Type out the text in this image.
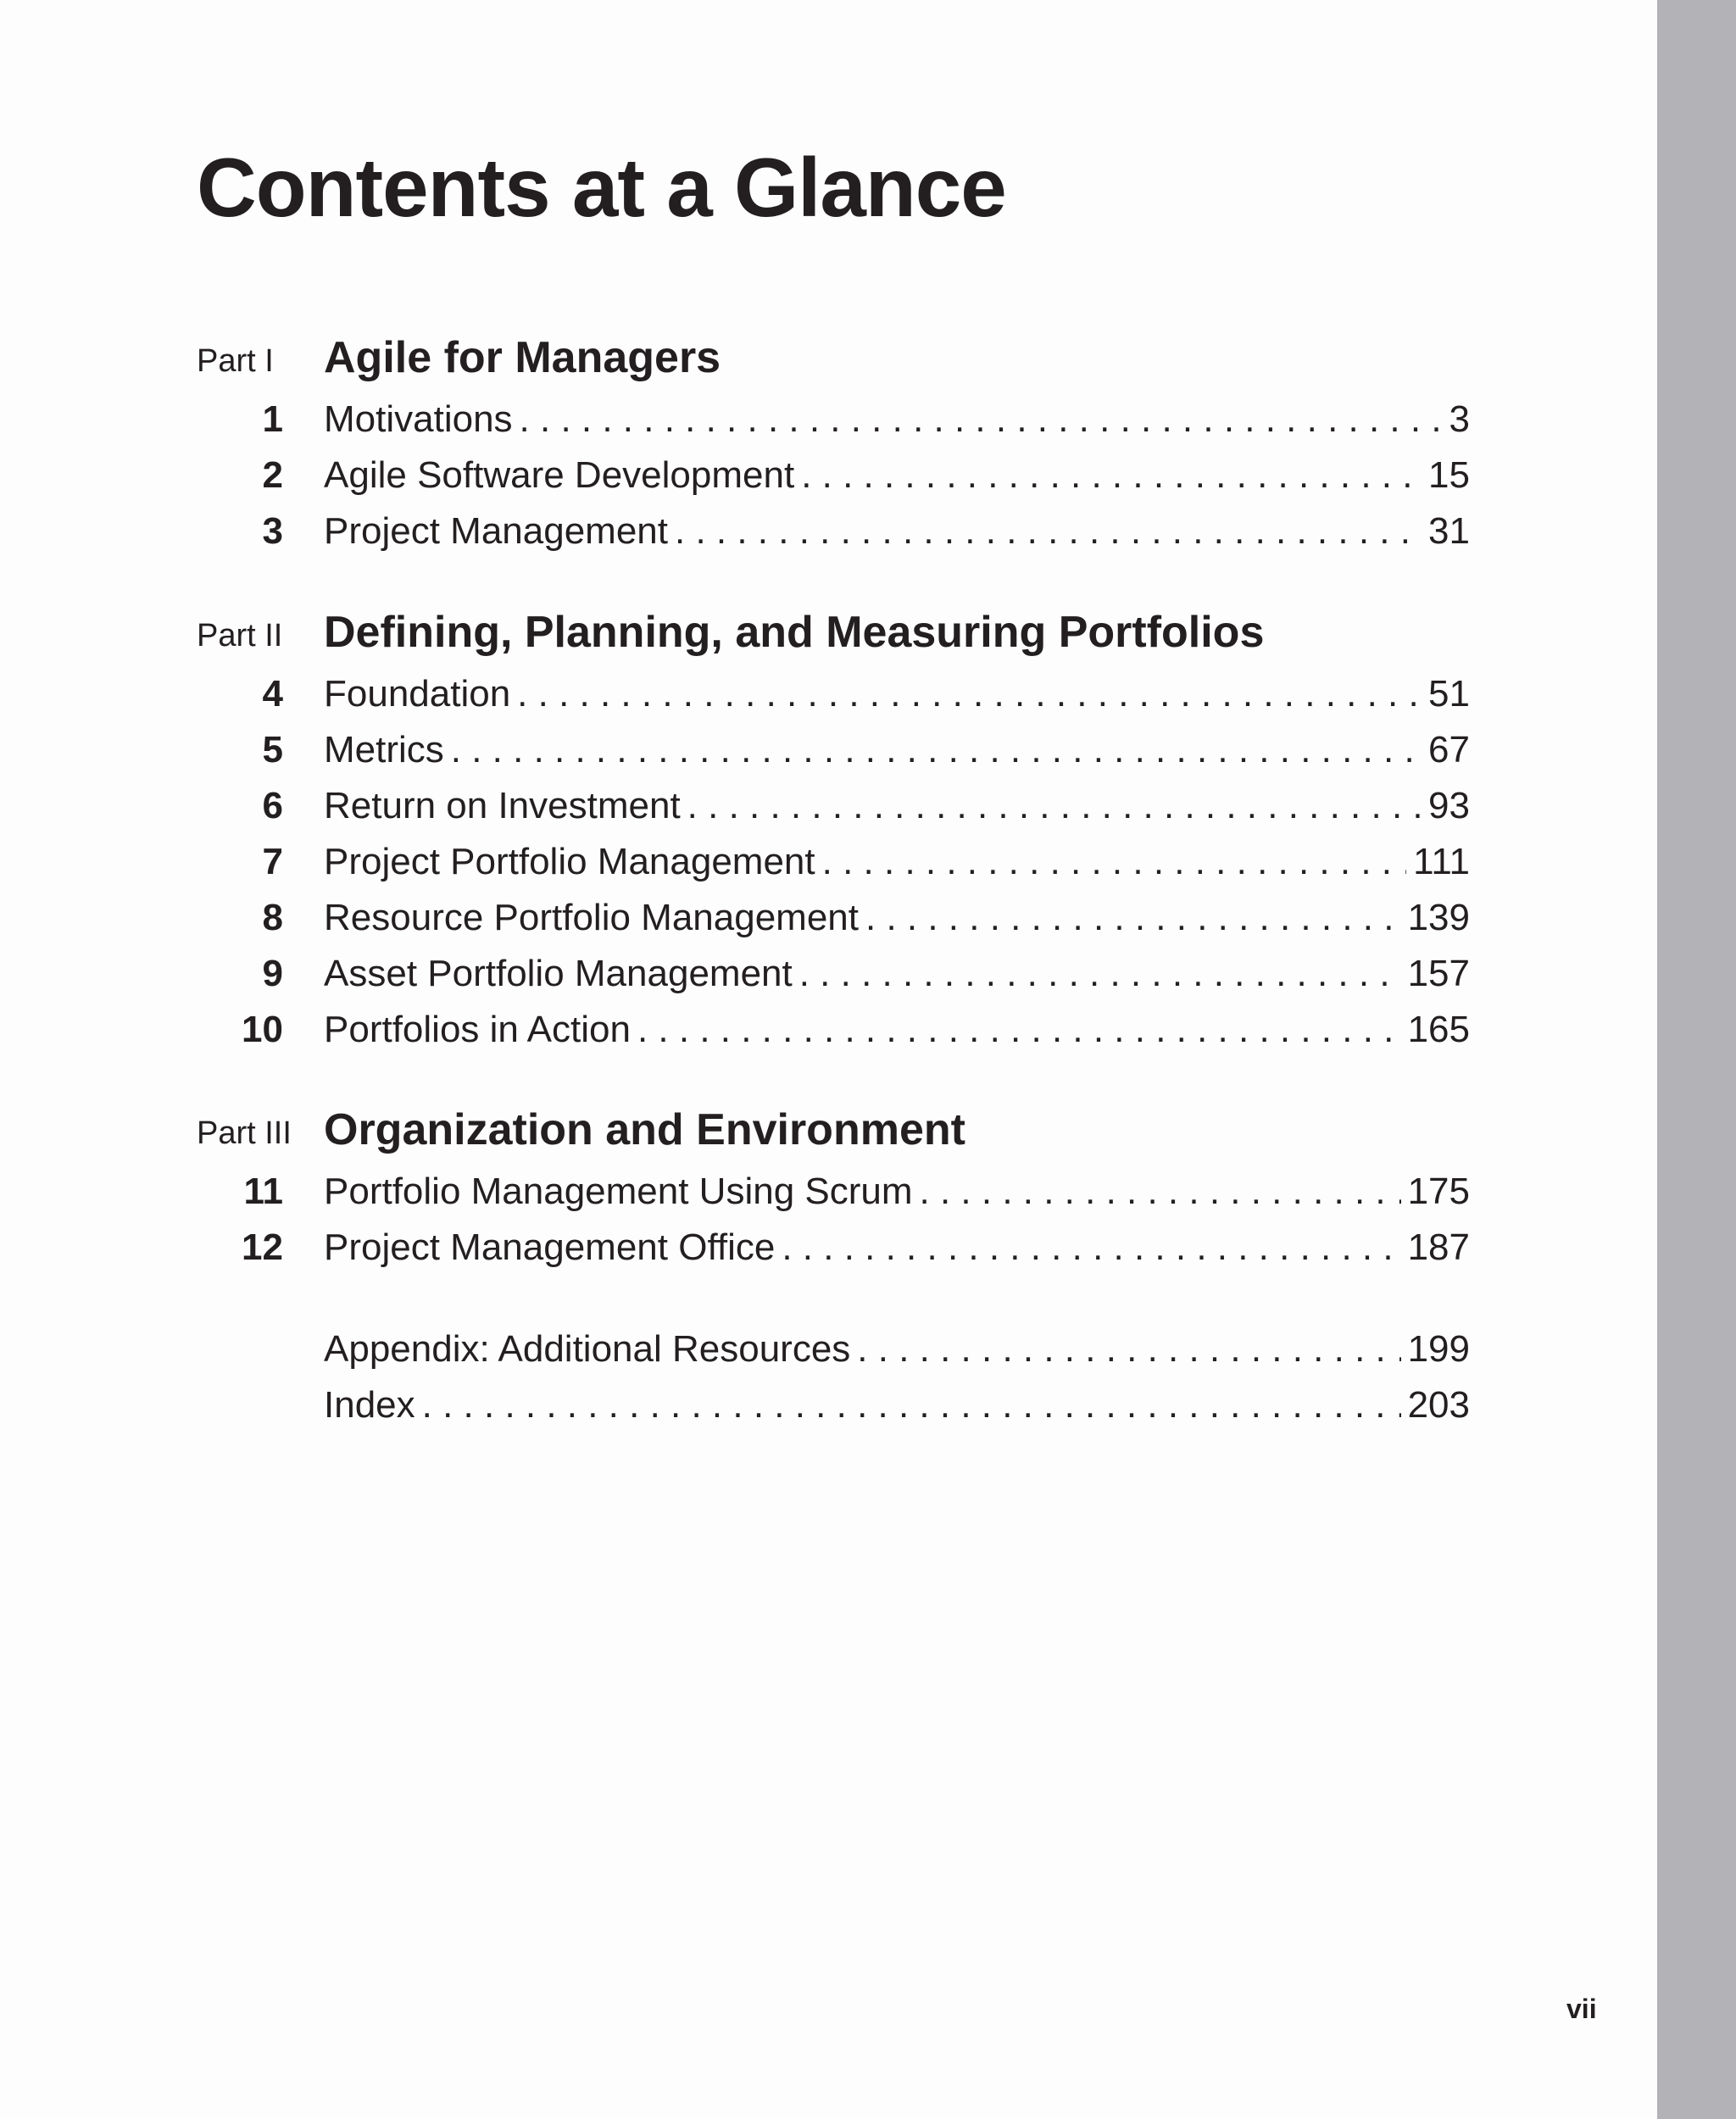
Contents at a Glance
Part I Agile for Managers
1 Motivations . . .	3
2 Agile Software Development . . .	15
3 Project Management . . .	31
Part II Defining, Planning, and Measuring Portfolios
4 Foundation . . .	51
5 Metrics . . .	67
6 Return on Investment . . .	93
7 Project Portfolio Management . . .	111
8 Resource Portfolio Management . . .	139
9 Asset Portfolio Management . . .	157
10 Portfolios in Action . . .	165
Part III Organization and Environment
11 Portfolio Management Using Scrum . . .	175
12 Project Management Office . . .	187
Appendix: Additional Resources . . .	199
Index . . .	203
vii
